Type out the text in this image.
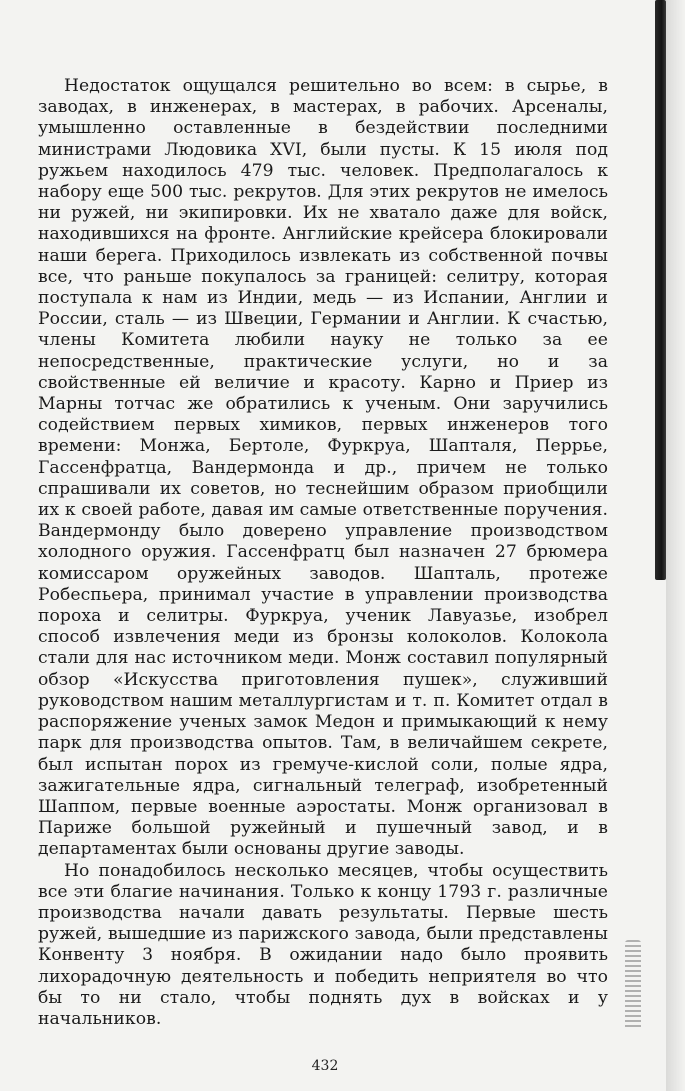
Недостаток ощущался решительно во всем: в сырье, в заводах, в инженерах, в мастерах, в рабочих. Арсеналы, умышленно оставленные в бездействии последними министрами Людовика XVI, были пусты. К 15 июля под ружьем находилось 479 тыс. человек. Предполагалось к набору еще 500 тыс. рекрутов. Для этих рекрутов не имелось ни ружей, ни экипировки. Их не хватало даже для войск, находившихся на фронте. Английские крейсера блокировали наши берега. Приходилось извлекать из собственной почвы все, что раньше покупалось за границей: селитру, которая поступала к нам из Индии, медь — из Испании, Англии и России, сталь — из Швеции, Германии и Англии. К счастью, члены Комитета любили науку не только за ее непосредственные, практические услуги, но и за свойственные ей величие и красоту. Карно и Приер из Марны тотчас же обратились к ученым. Они заручились содействием первых химиков, первых инженеров того времени: Монжа, Бертоле, Фуркруа, Шапталя, Перрье, Гассенфратца, Вандермонда и др., причем не только спрашивали их советов, но теснейшим образом приобщили их к своей работе, давая им самые ответственные поручения. Вандермонду было доверено управление производством холодного оружия. Гассенфратц был назначен 27 брюмера комиссаром оружейных заводов. Шапталь, протеже Робеспьера, принимал участие в управлении производства пороха и селитры. Фуркруа, ученик Лавуазье, изобрел способ извлечения меди из бронзы колоколов. Колокола стали для нас источником меди. Монж составил популярный обзор «Искусства приготовления пушек», служивший руководством нашим металлургистам и т. п. Комитет отдал в распоряжение ученых замок Медон и примыкающий к нему парк для производства опытов. Там, в величайшем секрете, был испытан порох из гремуче-кислой соли, полые ядра, зажигательные ядра, сигнальный телеграф, изобретенный Шаппом, первые военные аэростаты. Монж организовал в Париже большой ружейный и пушечный завод, и в департаментах были основаны другие заводы.

Но понадобилось несколько месяцев, чтобы осуществить все эти благие начинания. Только к концу 1793 г. различные производства начали давать результаты. Первые шесть ружей, вышедшие из парижского завода, были представлены Конвенту 3 ноября. В ожидании надо было проявить лихорадочную деятельность и победить неприятеля во что бы то ни стало, чтобы поднять дух в войсках и у начальников.

432
